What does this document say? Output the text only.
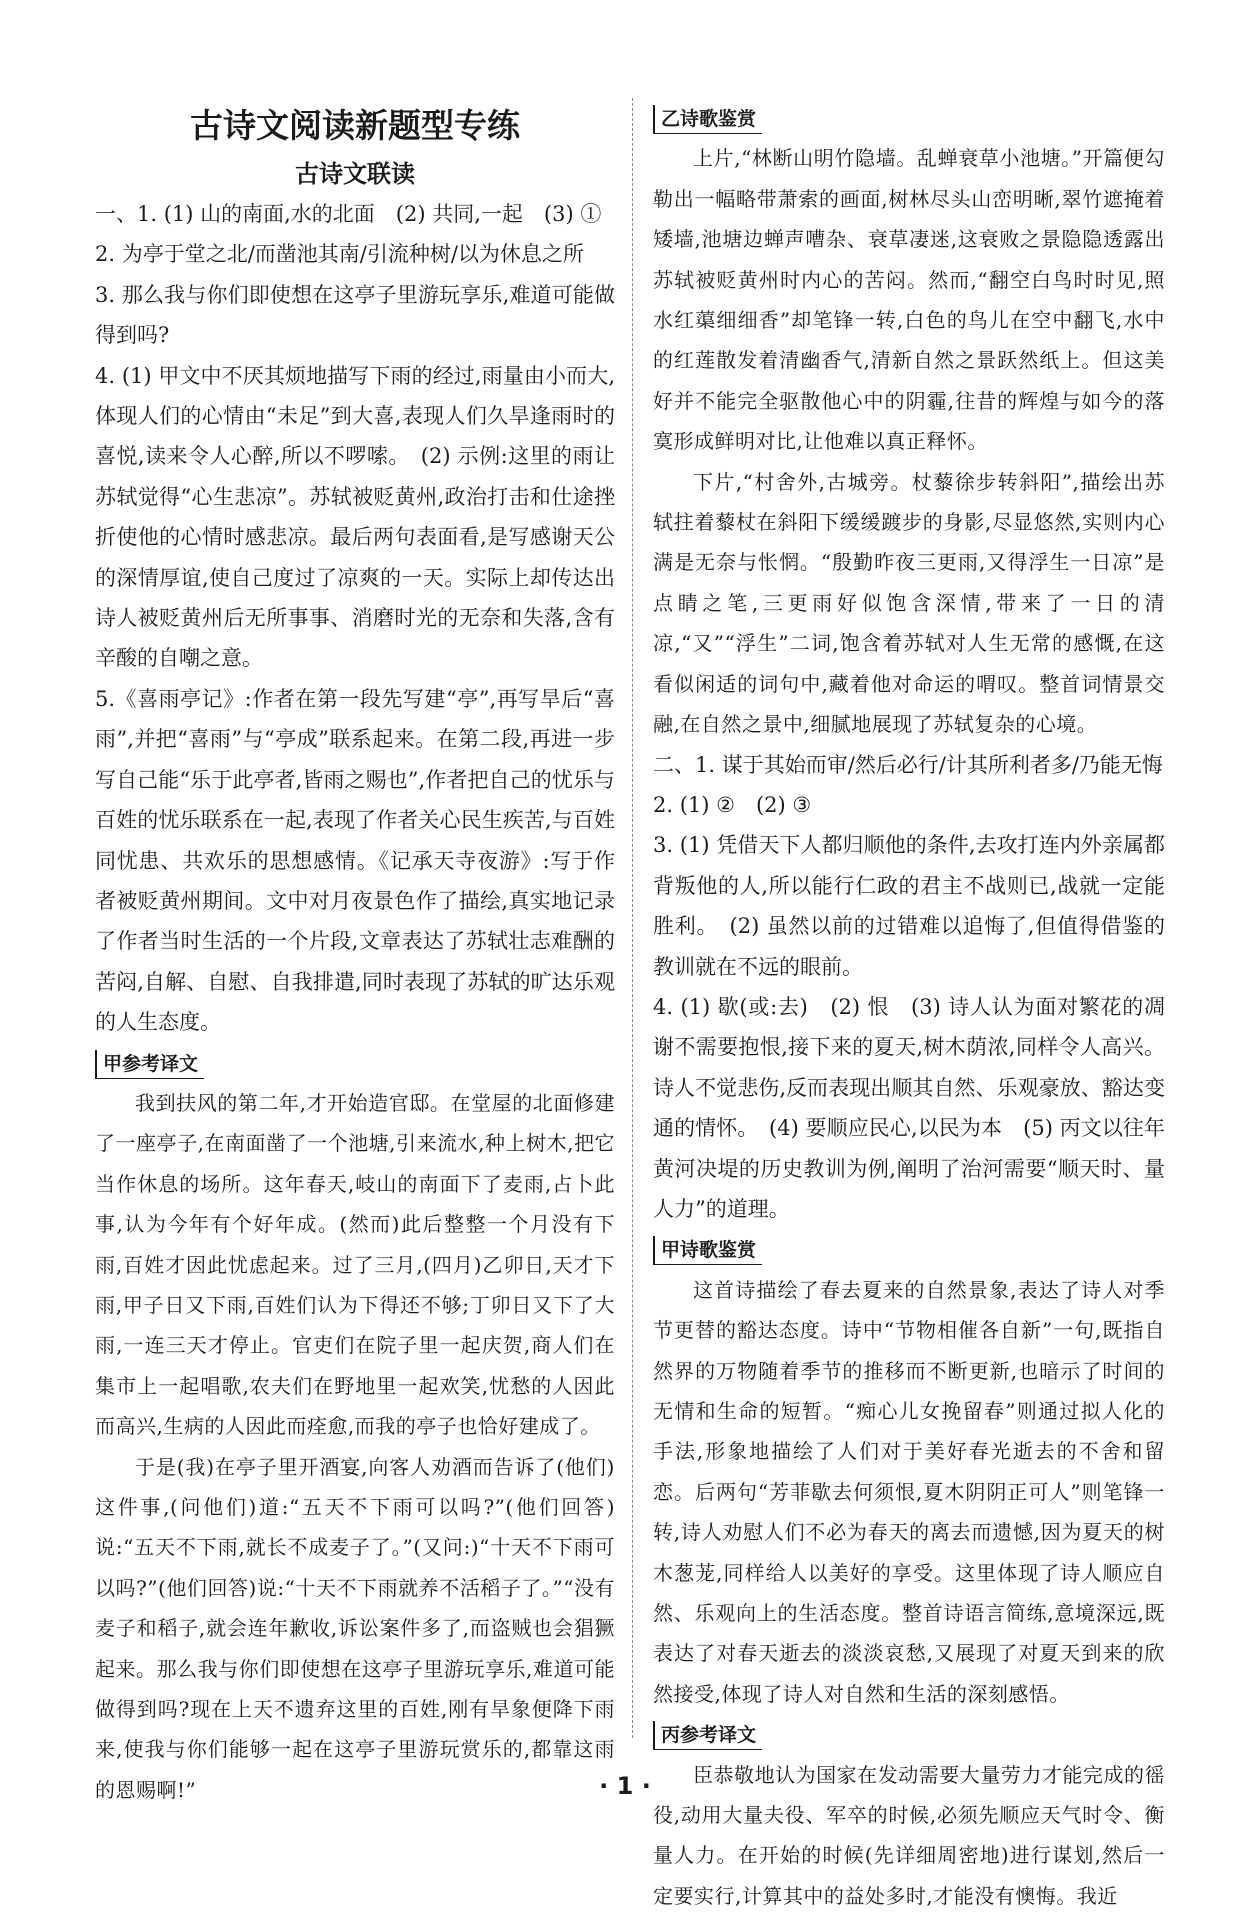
古诗文阅读新题型专练
古诗文联读

一、1. (1) 山的南面,水的北面　(2) 共同,一起　(3) ①

2. 为亭于堂之北/而凿池其南/引流种树/以为休息之所

3. 那么我与你们即使想在这亭子里游玩享乐,难道可能做得到吗?

4. (1) 甲文中不厌其烦地描写下雨的经过,雨量由小而大,体现人们的心情由“未足”到大喜,表现人们久旱逢雨时的喜悦,读来令人心醉,所以不啰嗦。　(2) 示例:这里的雨让苏轼觉得“心生悲凉”。苏轼被贬黄州,政治打击和仕途挫折使他的心情时感悲凉。最后两句表面看,是写感谢天公的深情厚谊,使自己度过了凉爽的一天。实际上却传达出诗人被贬黄州后无所事事、消磨时光的无奈和失落,含有辛酸的自嘲之意。

5.《喜雨亭记》:作者在第一段先写建“亭”,再写旱后“喜雨”,并把“喜雨”与“亭成”联系起来。在第二段,再进一步写自己能“乐于此亭者,皆雨之赐也”,作者把自己的忧乐与百姓的忧乐联系在一起,表现了作者关心民生疾苦,与百姓同忧患、共欢乐的思想感情。《记承天寺夜游》:写于作者被贬黄州期间。文中对月夜景色作了描绘,真实地记录了作者当时生活的一个片段,文章表达了苏轼壮志难酬的苦闷,自解、自慰、自我排遣,同时表现了苏轼的旷达乐观的人生态度。

甲参考译文

我到扶风的第二年,才开始造官邸。在堂屋的北面修建了一座亭子,在南面凿了一个池塘,引来流水,种上树木,把它当作休息的场所。这年春天,岐山的南面下了麦雨,占卜此事,认为今年有个好年成。(然而)此后整整一个月没有下雨,百姓才因此忧虑起来。过了三月,(四月)乙卯日,天才下雨,甲子日又下雨,百姓们认为下得还不够;丁卯日又下了大雨,一连三天才停止。官吏们在院子里一起庆贺,商人们在集市上一起唱歌,农夫们在野地里一起欢笑,忧愁的人因此而高兴,生病的人因此而痊愈,而我的亭子也恰好建成了。

于是(我)在亭子里开酒宴,向客人劝酒而告诉了(他们)这件事,(问他们)道:“五天不下雨可以吗?”(他们回答)说:“五天不下雨,就长不成麦子了。”(又问:)“十天不下雨可以吗?”(他们回答)说:“十天不下雨就养不活稻子了。”“没有麦子和稻子,就会连年歉收,诉讼案件多了,而盗贼也会猖獗起来。那么我与你们即使想在这亭子里游玩享乐,难道可能做得到吗?现在上天不遗弃这里的百姓,刚有旱象便降下雨来,使我与你们能够一起在这亭子里游玩赏乐的,都靠这雨的恩赐啊!”

乙诗歌鉴赏

上片,“林断山明竹隐墙。乱蝉衰草小池塘。”开篇便勾勒出一幅略带萧索的画面,树林尽头山峦明晰,翠竹遮掩着矮墙,池塘边蝉声嘈杂、衰草凄迷,这衰败之景隐隐透露出苏轼被贬黄州时内心的苦闷。然而,“翻空白鸟时时见,照水红蕖细细香”却笔锋一转,白色的鸟儿在空中翻飞,水中的红莲散发着清幽香气,清新自然之景跃然纸上。但这美好并不能完全驱散他心中的阴霾,往昔的辉煌与如今的落寞形成鲜明对比,让他难以真正释怀。

下片,“村舍外,古城旁。杖藜徐步转斜阳”,描绘出苏轼拄着藜杖在斜阳下缓缓踱步的身影,尽显悠然,实则内心满是无奈与怅惘。“殷勤昨夜三更雨,又得浮生一日凉”是点睛之笔,三更雨好似饱含深情,带来了一日的清凉,“又”“浮生”二词,饱含着苏轼对人生无常的感慨,在这看似闲适的词句中,藏着他对命运的喟叹。整首词情景交融,在自然之景中,细腻地展现了苏轼复杂的心境。

二、1. 谋于其始而审/然后必行/计其所利者多/乃能无悔

2. (1) ②　(2) ③

3. (1) 凭借天下人都归顺他的条件,去攻打连内外亲属都背叛他的人,所以能行仁政的君主不战则已,战就一定能胜利。　(2) 虽然以前的过错难以追悔了,但值得借鉴的教训就在不远的眼前。

4. (1) 歇(或:去)　(2) 恨　(3) 诗人认为面对繁花的凋谢不需要抱恨,接下来的夏天,树木荫浓,同样令人高兴。诗人不觉悲伤,反而表现出顺其自然、乐观豪放、豁达变通的情怀。　(4) 要顺应民心,以民为本　(5) 丙文以往年黄河决堤的历史教训为例,阐明了治河需要“顺天时、量人力”的道理。

甲诗歌鉴赏

这首诗描绘了春去夏来的自然景象,表达了诗人对季节更替的豁达态度。诗中“节物相催各自新”一句,既指自然界的万物随着季节的推移而不断更新,也暗示了时间的无情和生命的短暂。“痴心儿女挽留春”则通过拟人化的手法,形象地描绘了人们对于美好春光逝去的不舍和留恋。后两句“芳菲歇去何须恨,夏木阴阴正可人”则笔锋一转,诗人劝慰人们不必为春天的离去而遗憾,因为夏天的树木葱茏,同样给人以美好的享受。这里体现了诗人顺应自然、乐观向上的生活态度。整首诗语言简练,意境深远,既表达了对春天逝去的淡淡哀愁,又展现了对夏天到来的欣然接受,体现了诗人对自然和生活的深刻感悟。

丙参考译文

臣恭敬地认为国家在发动需要大量劳力才能完成的徭役,动用大量夫役、军卒的时候,必须先顺应天气时令、衡量人力。在开始的时候(先详细周密地)进行谋划,然后一定要实行,计算其中的益处多时,才能没有懊悔。我近

· 1 ·
